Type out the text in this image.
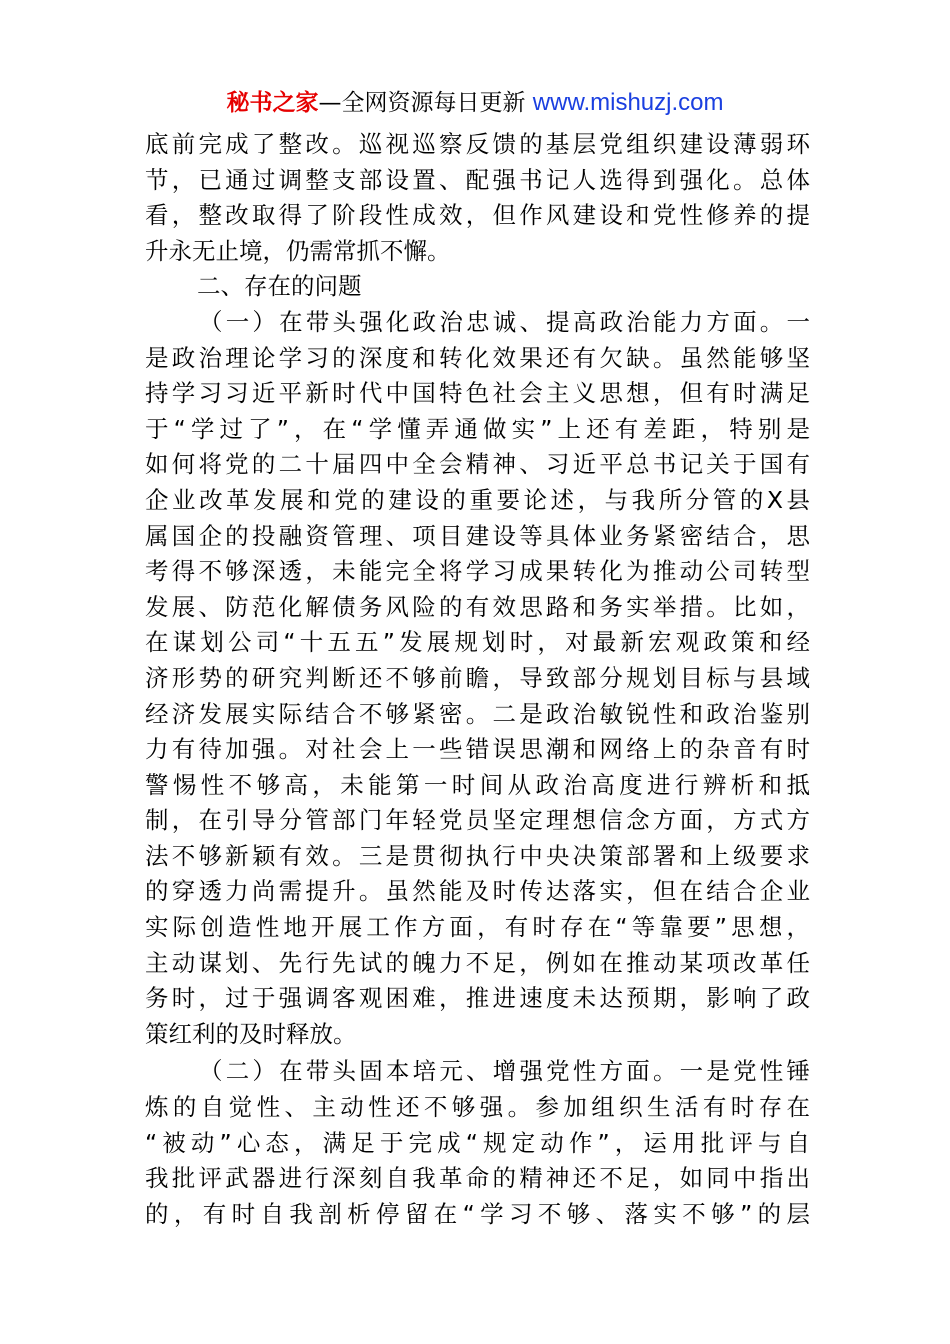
秘书之家—全网资源每日更新 www.mishuzj.com
底前完成了整改。巡视巡察反馈的基层党组织建设薄弱环
节，已通过调整支部设置、配强书记人选得到强化。总体
看，整改取得了阶段性成效，但作风建设和党性修养的提
升永无止境，仍需常抓不懈。
二、存在的问题
（一）在带头强化政治忠诚、提高政治能力方面。一
是政治理论学习的深度和转化效果还有欠缺。虽然能够坚
持学习习近平新时代中国特色社会主义思想，但有时满足
于“学过了”，在“学懂弄通做实”上还有差距，特别是
如何将党的二十届四中全会精神、习近平总书记关于国有
企业改革发展和党的建设的重要论述，与我所分管的X县
属国企的投融资管理、项目建设等具体业务紧密结合，思
考得不够深透，未能完全将学习成果转化为推动公司转型
发展、防范化解债务风险的有效思路和务实举措。比如，
在谋划公司“十五五”发展规划时，对最新宏观政策和经
济形势的研究判断还不够前瞻，导致部分规划目标与县域
经济发展实际结合不够紧密。二是政治敏锐性和政治鉴别
力有待加强。对社会上一些错误思潮和网络上的杂音有时
警惕性不够高，未能第一时间从政治高度进行辨析和抵
制，在引导分管部门年轻党员坚定理想信念方面，方式方
法不够新颖有效。三是贯彻执行中央决策部署和上级要求
的穿透力尚需提升。虽然能及时传达落实，但在结合企业
实际创造性地开展工作方面，有时存在“等靠要”思想，
主动谋划、先行先试的魄力不足，例如在推动某项改革任
务时，过于强调客观困难，推进速度未达预期，影响了政
策红利的及时释放。
（二）在带头固本培元、增强党性方面。一是党性锤
炼的自觉性、主动性还不够强。参加组织生活有时存在
“被动”心态，满足于完成“规定动作”，运用批评与自
我批评武器进行深刻自我革命的精神还不足，如同中指出
的，有时自我剖析停留在“学习不够、落实不够”的层
